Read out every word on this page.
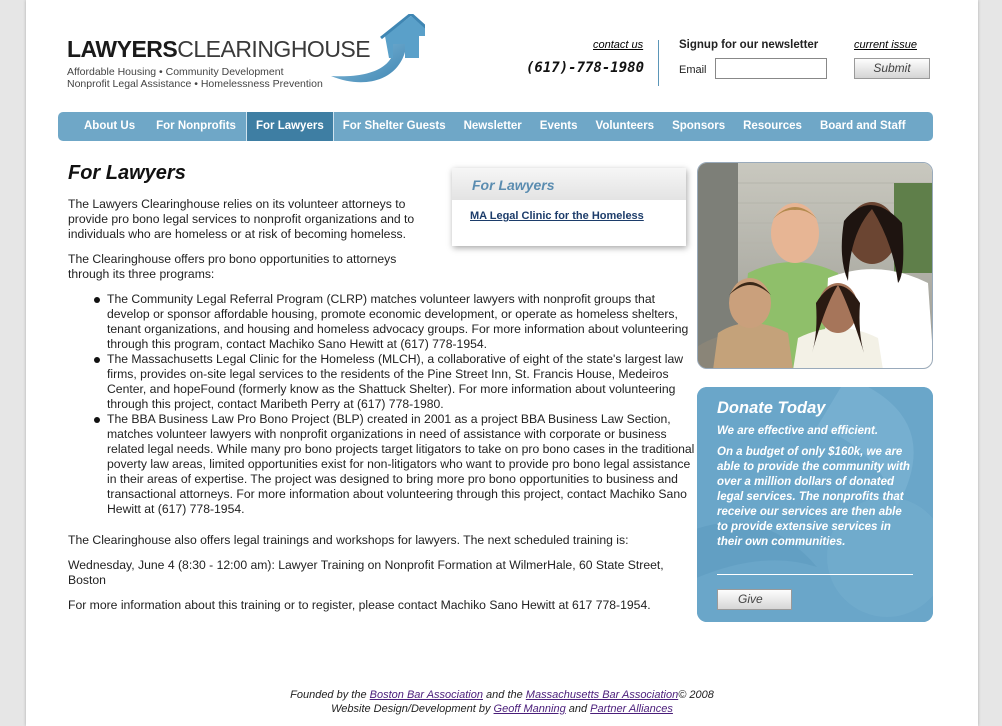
LAWYERSCLEARINGHOUSE
Affordable Housing • Community Development
Nonprofit Legal Assistance • Homelessness Prevention
contact us
(617)-778-1980
Signup for our newsletter
Email
current issue
Submit
About Us	For Nonprofits	For Lawyers	For Shelter Guests	Newsletter	Events	Volunteers	Sponsors	Resources	Board and Staff
For Lawyers

The Lawyers Clearinghouse relies on its volunteer attorneys to provide pro bono legal services to nonprofit organizations and to individuals who are homeless or at risk of becoming homeless.

The Clearinghouse offers pro bono opportunities to attorneys through its three programs:

The Community Legal Referral Program (CLRP) matches volunteer lawyers with nonprofit groups that develop or sponsor affordable housing, promote economic development, or operate as homeless shelters, tenant organizations, and housing and homeless advocacy groups. For more information about volunteering through this program, contact Machiko Sano Hewitt at (617) 778-1954.
The Massachusetts Legal Clinic for the Homeless (MLCH), a collaborative of eight of the state's largest law firms, provides on-site legal services to the residents of the Pine Street Inn, St. Francis House, Medeiros Center, and hopeFound (formerly know as the Shattuck Shelter). For more information about volunteering through this project, contact Maribeth Perry at (617) 778-1980.
The BBA Business Law Pro Bono Project (BLP) created in 2001 as a project BBA Business Law Section, matches volunteer lawyers with nonprofit organizations in need of assistance with corporate or business related legal needs. While many pro bono projects target litigators to take on pro bono cases in the traditional poverty law areas, limited opportunities exist for non-litigators who want to provide pro bono legal assistance in their areas of expertise. The project was designed to bring more pro bono opportunities to business and transactional attorneys. For more information about volunteering through this project, contact Machiko Sano Hewitt at (617) 778-1954.

The Clearinghouse also offers legal trainings and workshops for lawyers. The next scheduled training is:

Wednesday, June 4 (8:30 - 12:00 am): Lawyer Training on Nonprofit Formation at WilmerHale, 60 State Street, Boston

For more information about this training or to register, please contact Machiko Sano Hewitt at 617 778-1954.

For Lawyers
MA Legal Clinic for the Homeless
Donate Today
We are effective and efficient.
On a budget of only $160k, we are able to provide the community with over a million dollars of donated legal services. The nonprofits that receive our services are then able to provide extensive services in their own communities.
Give
Founded by the Boston Bar Association and the Massachusetts Bar Association© 2008
Website Design/Development by Geoff Manning and Partner Alliances
